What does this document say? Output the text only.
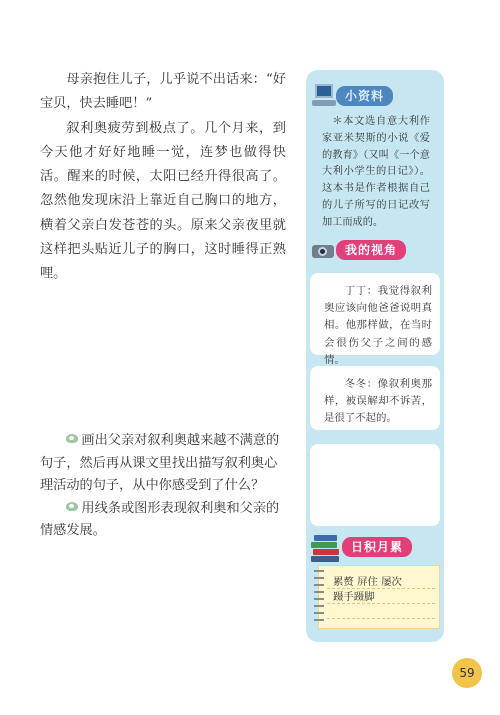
母亲抱住儿子，儿乎说不出话来：“好宝贝，快去睡吧！”

叙利奥疲劳到极点了。几个月来，到今天他才好好地睡一觉，连梦也做得快活。醒来的时候，太阳已经升得很高了。忽然他发现床沿上靠近自己胸口的地方，横着父亲白发苍苍的头。原来父亲夜里就这样把头贴近儿子的胸口，这时睡得正熟哩。

画出父亲对叙利奥越来越不满意的句子，然后再从课文里找出描写叙利奥心理活动的句子，从中你感受到了什么？

用线条或图形表现叙利奥和父亲的情感发展。

小资料

＊本文选自意大利作家亚米契斯的小说《爱的教育》（又叫《一个意大利小学生的日记》）。这本书是作者根据自己的儿子所写的日记改写加工而成的。

我的视角

丁丁：我觉得叙利奥应该向他爸爸说明真相。他那样做，在当时会很伤父子之间的感情。

冬冬：像叙利奥那样，被误解却不诉苦，是很了不起的。

日积月累
累赘 屏住 屡次
蹑手蹑脚
59
